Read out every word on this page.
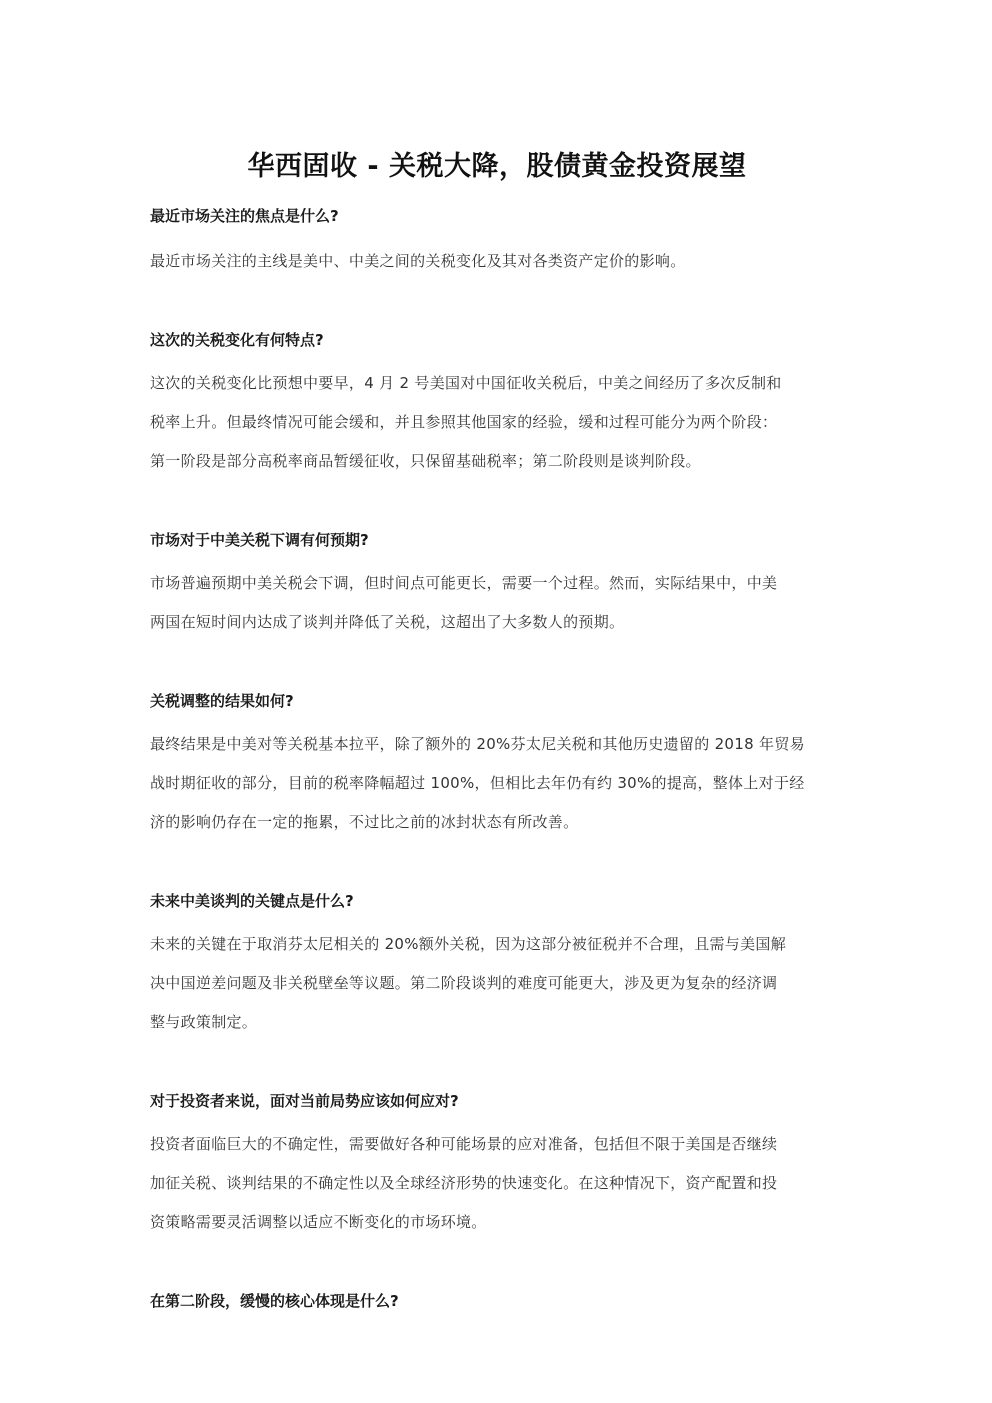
华西固收 - 关税大降，股债黄金投资展望

最近市场关注的焦点是什么?

最近市场关注的主线是美中、中美之间的关税变化及其对各类资产定价的影响。

这次的关税变化有何特点?

这次的关税变化比预想中要早，4 月 2 号美国对中国征收关税后，中美之间经历了多次反制和
税率上升。但最终情况可能会缓和，并且参照其他国家的经验，缓和过程可能分为两个阶段：
第一阶段是部分高税率商品暂缓征收，只保留基础税率；第二阶段则是谈判阶段。

市场对于中美关税下调有何预期?

市场普遍预期中美关税会下调，但时间点可能更长，需要一个过程。然而，实际结果中，中美
两国在短时间内达成了谈判并降低了关税，这超出了大多数人的预期。

关税调整的结果如何?

最终结果是中美对等关税基本拉平，除了额外的 20%芬太尼关税和其他历史遗留的 2018 年贸易
战时期征收的部分，目前的税率降幅超过 100%，但相比去年仍有约 30%的提高，整体上对于经
济的影响仍存在一定的拖累，不过比之前的冰封状态有所改善。

未来中美谈判的关键点是什么?

未来的关键在于取消芬太尼相关的 20%额外关税，因为这部分被征税并不合理，且需与美国解
决中国逆差问题及非关税壁垒等议题。第二阶段谈判的难度可能更大，涉及更为复杂的经济调
整与政策制定。

对于投资者来说，面对当前局势应该如何应对?

投资者面临巨大的不确定性，需要做好各种可能场景的应对准备，包括但不限于美国是否继续
加征关税、谈判结果的不确定性以及全球经济形势的快速变化。在这种情况下，资产配置和投
资策略需要灵活调整以适应不断变化的市场环境。

在第二阶段，缓慢的核心体现是什么?
